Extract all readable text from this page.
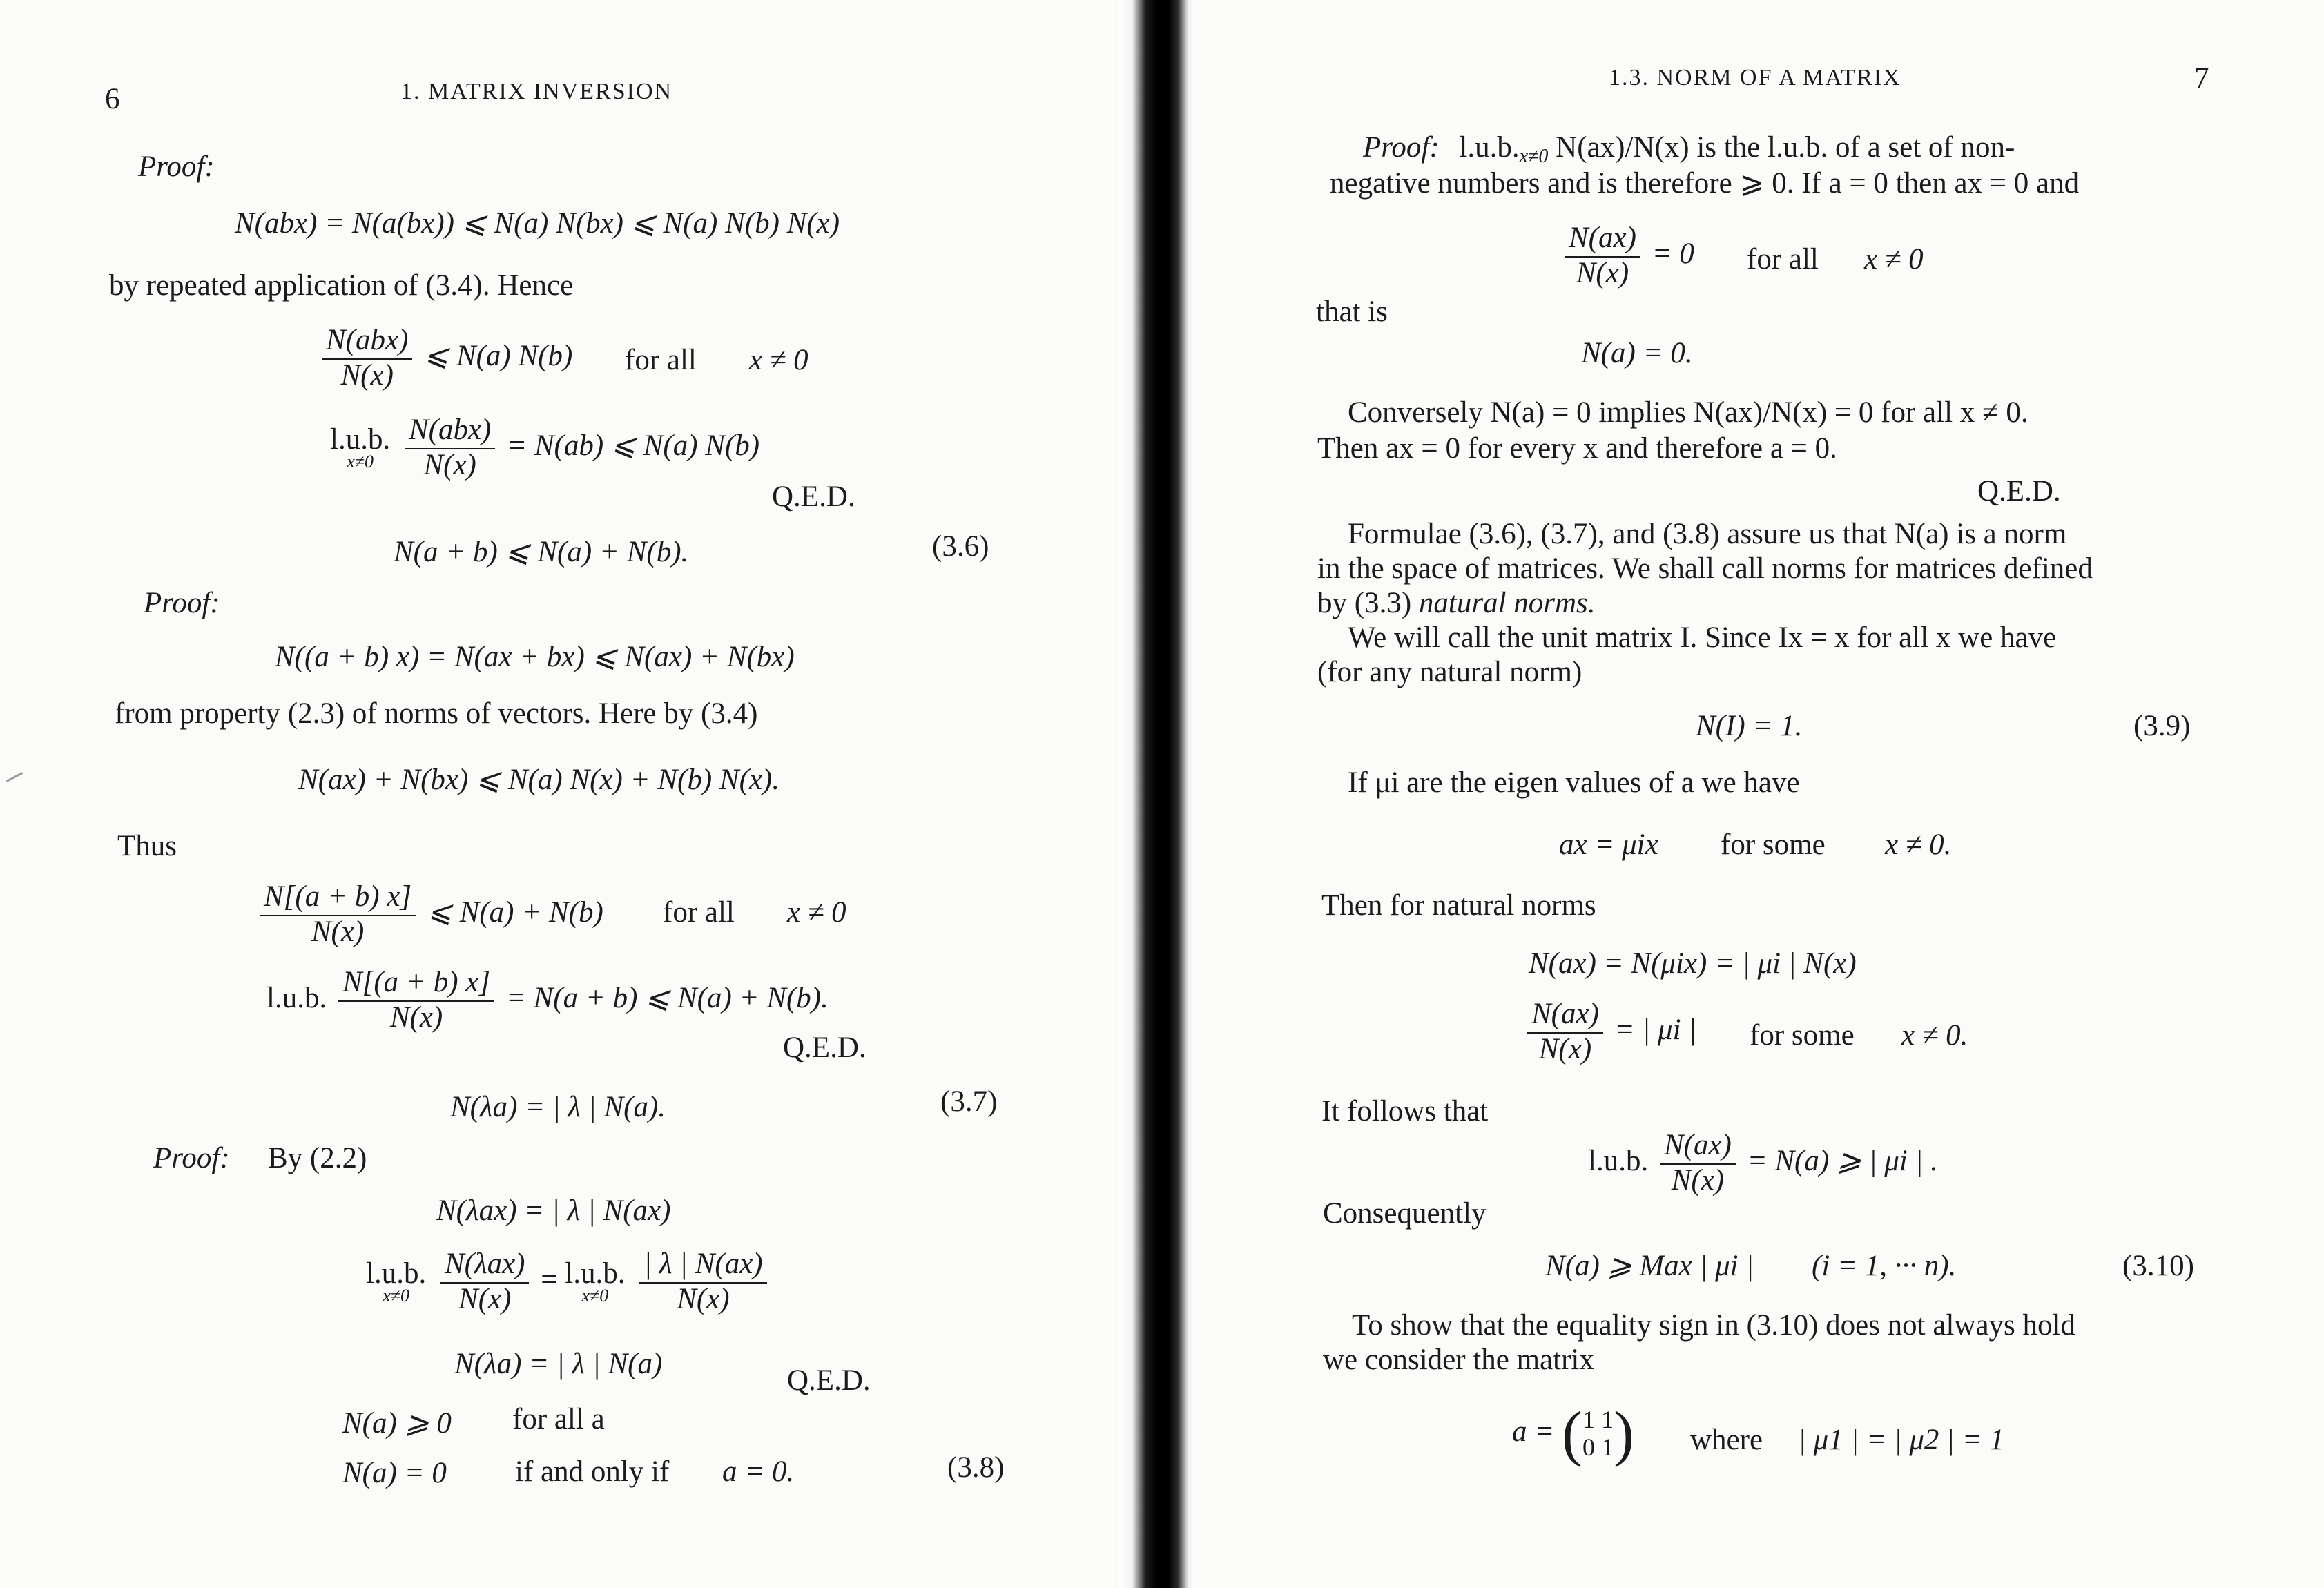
6	1. MATRIX INVERSION
Proof:
N(abx) = N(a(bx)) ⩽ N(a) N(bx) ⩽ N(a) N(b) N(x)
by repeated application of (3.4). Hence
$\frac{\text{N(abx)}}{N(x)}$ ⩽ N(a) N(b) for all x ≠ 0
l.u.b.
x≠0
	$\frac{\text{N(abx)}}{N(x)} = N(ab)$ ⩽ N(a) N(b)
Q.E.D.
N(a + b) ⩽ N(a) + N(b).	(3.6)
Proof:
N((a + b) x) = N(ax + bx) ⩽ N(ax) + N(bx)
from property (2.3) of norms of vectors. Here by (3.4)
N(ax) + N(bx) ⩽ N(a) N(x) + N(b) N(x).
Thus
$\frac{N[(a + b) x]}{N(x)}$ ⩽ N(a) + N(b) for all x ≠ 0
l.u.b. $\frac{N[(a + b) x]}{N(x)} = N(a + b)$ ⩽ N(a) + N(b).
Q.E.D.
N(λa) = | λ | N(a).	(3.7)
Proof: By (2.2)
N(λax) = | λ | N(ax)
l.u.b.
x≠0
	$\frac{\text{N(λax)}}{N(x)} = l.u.b$.
x≠0
	$\frac{| \lambda | N(ax)}{N(x)}$
N(λa) = | λ | N(a)
Q.E.D.
N(a) ⩾ 0 for all a
N(a) = 0 if and only if a = 0.	(3.8)
1.3. NORM OF A MATRIX	7
Proof: l.u.b.x≠0 N(ax)/N(x) is the l.u.b. of a set of non-
negative numbers and is therefore ⩾ 0. If a = 0 then ax = 0 and
$\frac{N(ax)}{N(x)} = 0$ for all x ≠ 0
that is
N(a) = 0.
Conversely N(a) = 0 implies N(ax)/N(x) = 0 for all x ≠ 0.
Then ax = 0 for every x and therefore a = 0.
Q.E.D.
Formulae (3.6), (3.7), and (3.8) assure us that N(a) is a norm
in the space of matrices. We shall call norms for matrices defined
by (3.3) natural norms.
We will call the unit matrix I. Since Ix = x for all x we have
(for any natural norm)
N(I) = 1.	(3.9)
If μi are the eigen values of a we have
ax = μix for some x ≠ 0.
Then for natural norms
N(ax) = N(μix) = | μi | N(x)
$\frac{N(ax)}{N(x)}$ = | μi | for some x ≠ 0.
It follows that
l.u.b. $\frac{N(ax)}{N(x)} = N(a)$ ⩾ | μi | .
Consequently
N(a) ⩾ Max | μi | (i = 1, ··· n).	(3.10)
To show that the equality sign in (3.10) does not always hold
we consider the matrix
a = ( 1 1
0 1 ) where | μ1 | = | μ2 | = 1
